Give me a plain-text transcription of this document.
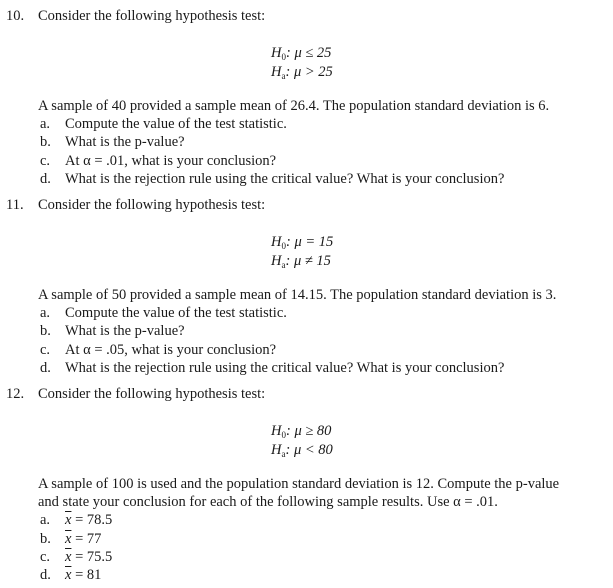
10. Consider the following hypothesis test:
$H_0$: μ ≤ 25
$H_a$: μ > 25
A sample of 40 provided a sample mean of 26.4. The population standard deviation is 6.
a. Compute the value of the test statistic.
b. What is the p-value?
c. At α = .01, what is your conclusion?
d. What is the rejection rule using the critical value? What is your conclusion?
11. Consider the following hypothesis test:
$H_0$: μ = 15
$H_a$: μ ≠ 15
A sample of 50 provided a sample mean of 14.15. The population standard deviation is 3.
a. Compute the value of the test statistic.
b. What is the p-value?
c. At α = .05, what is your conclusion?
d. What is the rejection rule using the critical value? What is your conclusion?
12. Consider the following hypothesis test:
$H_0$: μ ≥ 80
$H_a$: μ < 80
A sample of 100 is used and the population standard deviation is 12. Compute the p-value
and state your conclusion for each of the following sample results. Use α = .01.
a. $\overline{x} = 78.5$
b. $\overline{x} = 77$
c. $\overline{x} = 75.5$
d. $\overline{x} = 81$
